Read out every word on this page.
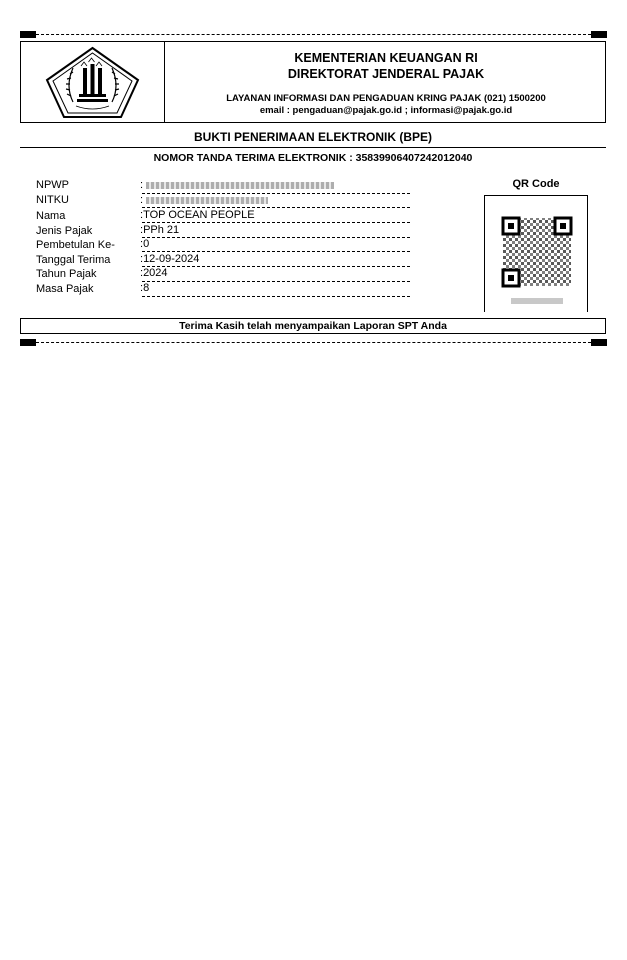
KEMENTERIAN KEUANGAN RI
DIREKTORAT JENDERAL PAJAK
LAYANAN INFORMASI DAN PENGADUAN KRING PAJAK (021) 1500200
email : pengaduan@pajak.go.id ; informasi@pajak.go.id
BUKTI PENERIMAAN ELEKTRONIK (BPE)
NOMOR TANDA TERIMA ELEKTRONIK : 35839906407242012040
NPWP	:
NITKU	:
Nama	:TOP OCEAN PEOPLE
Jenis Pajak	:PPh 21
Pembetulan Ke- :0
Tanggal Terima	:12-09-2024
Tahun Pajak	:2024
Masa Pajak	:8
QR Code
Terima Kasih telah menyampaikan Laporan SPT Anda
